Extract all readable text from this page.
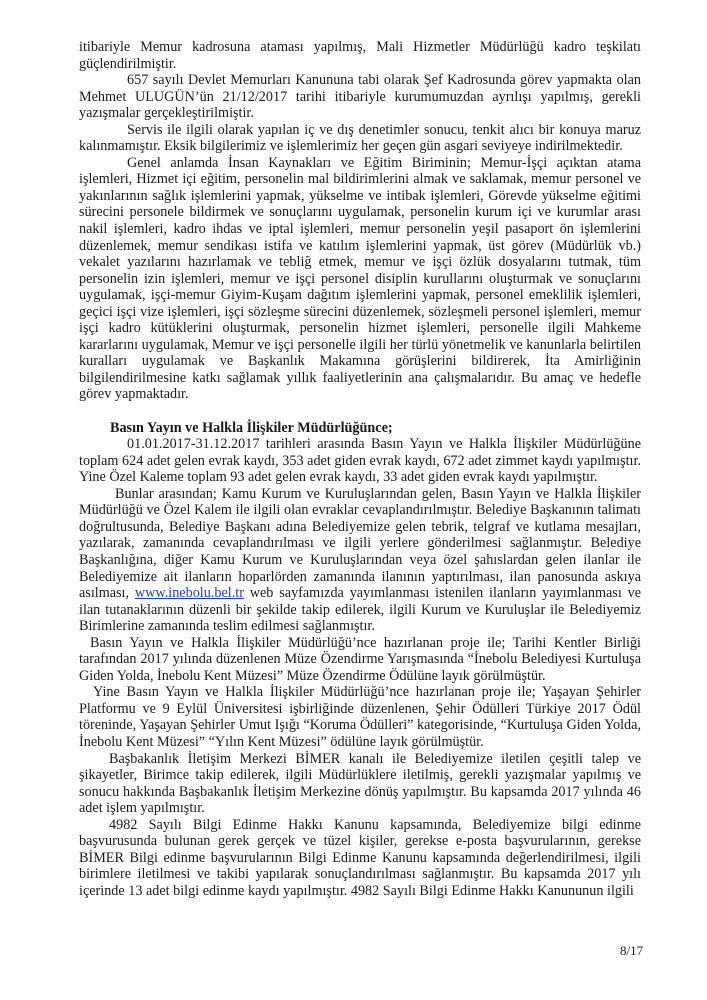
itibariyle Memur kadrosuna ataması yapılmış, Mali Hizmetler Müdürlüğü kadro teşkilatı güçlendirilmiştir.

657 sayılı Devlet Memurları Kanununa tabi olarak Şef Kadrosunda görev yapmakta olan Mehmet ULUGÜN’ün 21/12/2017 tarihi itibariyle kurumumuzdan ayrılışı yapılmış, gerekli yazışmalar gerçekleştirilmiştir.

Servis ile ilgili olarak yapılan iç ve dış denetimler sonucu, tenkit alıcı bir konuya maruz kalınmamıştır. Eksik bilgilerimiz ve işlemlerimiz her geçen gün asgari seviyeye indirilmektedir.

Genel anlamda İnsan Kaynakları ve Eğitim Biriminin; Memur-İşçi açıktan atama işlemleri, Hizmet içi eğitim, personelin mal bildirimlerini almak ve saklamak, memur personel ve yakınlarının sağlık işlemlerini yapmak, yükselme ve intibak işlemleri, Görevde yükselme eğitimi sürecini personele bildirmek ve sonuçlarını uygulamak, personelin kurum içi ve kurumlar arası nakil işlemleri, kadro ihdas ve iptal işlemleri, memur personelin yeşil pasaport ön işlemlerini düzenlemek, memur sendikası istifa ve katılım işlemlerini yapmak, üst görev (Müdürlük vb.) vekalet yazılarını hazırlamak ve tebliğ etmek, memur ve işçi özlük dosyalarını tutmak, tüm personelin izin işlemleri, memur ve işçi personel disiplin kurullarını oluşturmak ve sonuçlarını uygulamak, işçi-memur Giyim-Kuşam dağıtım işlemlerini yapmak, personel emeklilik işlemleri, geçici işçi vize işlemleri, işçi sözleşme sürecini düzenlemek, sözleşmeli personel işlemleri, memur işçi kadro kütüklerini oluşturmak, personelin hizmet işlemleri, personelle ilgili Mahkeme kararlarını uygulamak, Memur ve işçi personelle ilgili her türlü yönetmelik ve kanunlarla belirtilen kuralları uygulamak ve Başkanlık Makamına görüşlerini bildirerek, İta Amirliğinin bilgilendirilmesine katkı sağlamak yıllık faaliyetlerinin ana çalışmalarıdır. Bu amaç ve hedefle görev yapmaktadır.

Basın Yayın ve Halkla İlişkiler Müdürlüğünce;

01.01.2017-31.12.2017 tarihleri arasında Basın Yayın ve Halkla İlişkiler Müdürlüğüne toplam 624 adet gelen evrak kaydı, 353 adet giden evrak kaydı, 672 adet zimmet kaydı yapılmıştır. Yine Özel Kaleme toplam 93 adet gelen evrak kaydı, 33 adet giden evrak kaydı yapılmıştır.

Bunlar arasından; Kamu Kurum ve Kuruluşlarından gelen, Basın Yayın ve Halkla İlişkiler Müdürlüğü ve Özel Kalem ile ilgili olan evraklar cevaplandırılmıştır. Belediye Başkanının talimatı doğrultusunda, Belediye Başkanı adına Belediyemize gelen tebrik, telgraf ve kutlama mesajları, yazılarak, zamanında cevaplandırılması ve ilgili yerlere gönderilmesi sağlanmıştır. Belediye Başkanlığına, diğer Kamu Kurum ve Kuruluşlarından veya özel şahıslardan gelen ilanlar ile Belediyemize ait ilanların hoparlörden zamanında ilanının yaptırılması, ilan panosunda askıya asılması, www.inebolu.bel.tr web sayfamızda yayımlanması istenilen ilanların yayımlanması ve ilan tutanaklarının düzenli bir şekilde takip edilerek, ilgili Kurum ve Kuruluşlar ile Belediyemiz Birimlerine zamanında teslim edilmesi sağlanmıştır.

Basın Yayın ve Halkla İlişkiler Müdürlüğü’nce hazırlanan proje ile; Tarihi Kentler Birliği tarafından 2017 yılında düzenlenen Müze Özendirme Yarışmasında “İnebolu Belediyesi Kurtuluşa Giden Yolda, İnebolu Kent Müzesi” Müze Özendirme Ödülüne layık görülmüştür.

Yine Basın Yayın ve Halkla İlişkiler Müdürlüğü’nce hazırlanan proje ile; Yaşayan Şehirler Platformu ve 9 Eylül Üniversitesi işbirliğinde düzenlenen, Şehir Ödülleri Türkiye 2017 Ödül töreninde, Yaşayan Şehirler Umut Işığı “Koruma Ödülleri” kategorisinde, “Kurtuluşa Giden Yolda, İnebolu Kent Müzesi” “Yılın Kent Müzesi” ödülüne layık görülmüştür.

Başbakanlık İletişim Merkezi BİMER kanalı ile Belediyemize iletilen çeşitli talep ve şikayetler, Birimce takip edilerek, ilgili Müdürlüklere iletilmiş, gerekli yazışmalar yapılmış ve sonucu hakkında Başbakanlık İletişim Merkezine dönüş yapılmıştır. Bu kapsamda 2017 yılında 46 adet işlem yapılmıştır.

4982 Sayılı Bilgi Edinme Hakkı Kanunu kapsamında, Belediyemize bilgi edinme başvurusunda bulunan gerek gerçek ve tüzel kişiler, gerekse e-posta başvurularının, gerekse BİMER Bilgi edinme başvurularının Bilgi Edinme Kanunu kapsamında değerlendirilmesi, ilgili birimlere iletilmesi ve takibi yapılarak sonuçlandırılması sağlanmıştır. Bu kapsamda 2017 yılı içerinde 13 adet bilgi edinme kaydı yapılmıştır. 4982 Sayılı Bilgi Edinme Hakkı Kanununun ilgili

8/17
